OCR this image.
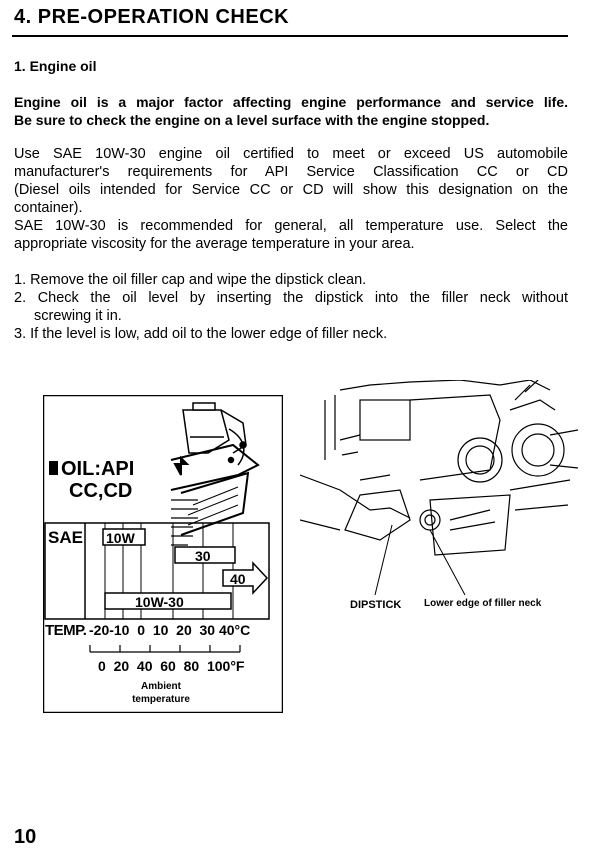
4. PRE-OPERATION CHECK
1. Engine oil
Engine oil is a major factor affecting engine performance and service life.
Be sure to check the engine on a level surface with the engine stopped.
Use SAE 10W-30 engine oil certified to meet or exceed US automobile
manufacturer's requirements for API Service Classification CC or CD
(Diesel oils intended for Service CC or CD will show this designation on the
container).
SAE 10W-30 is recommended for general, all temperature use. Select the
appropriate viscosity for the average temperature in your area.
1. Remove the oil filler cap and wipe the dipstick clean.
2. Check the oil level by inserting the dipstick into the filler neck without
screwing it in.
3. If the level is low, add oil to the lower edge of filler neck.
OIL:API
CC,CD
SAE 10W
30
40
10W-30
TEMP. -20-10  0  10  20  30 40°C
0  20  40  60  80  100°F
Ambient
temperature
DIPSTICK Lower edge of filler neck
10
